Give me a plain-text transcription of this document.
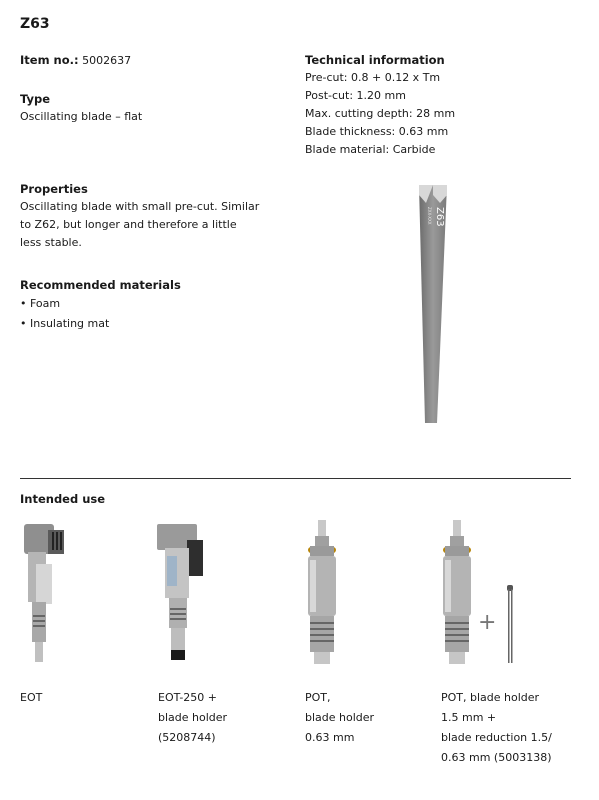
Z63
Item no.: 5002637
Type
Oscillating blade – flat
Technical information
Pre-cut: 0.8 + 0.12 x Tm
Post-cut: 1.20 mm
Max. cutting depth: 28 mm
Blade thickness: 0.63 mm
Blade material: Carbide
Properties
Oscillating blade with small pre-cut. Similar
to Z62, but longer and therefore a little
less stable.
Recommended materials
• Foam
• Insulating mat
Z63
ZXX-XXX
Intended use
+
EOT	EOT-250 +
blade holder
(5208744)
POT,
blade holder
0.63 mm
POT, blade holder
1.5 mm +
blade reduction 1.5/
0.63 mm (5003138)
